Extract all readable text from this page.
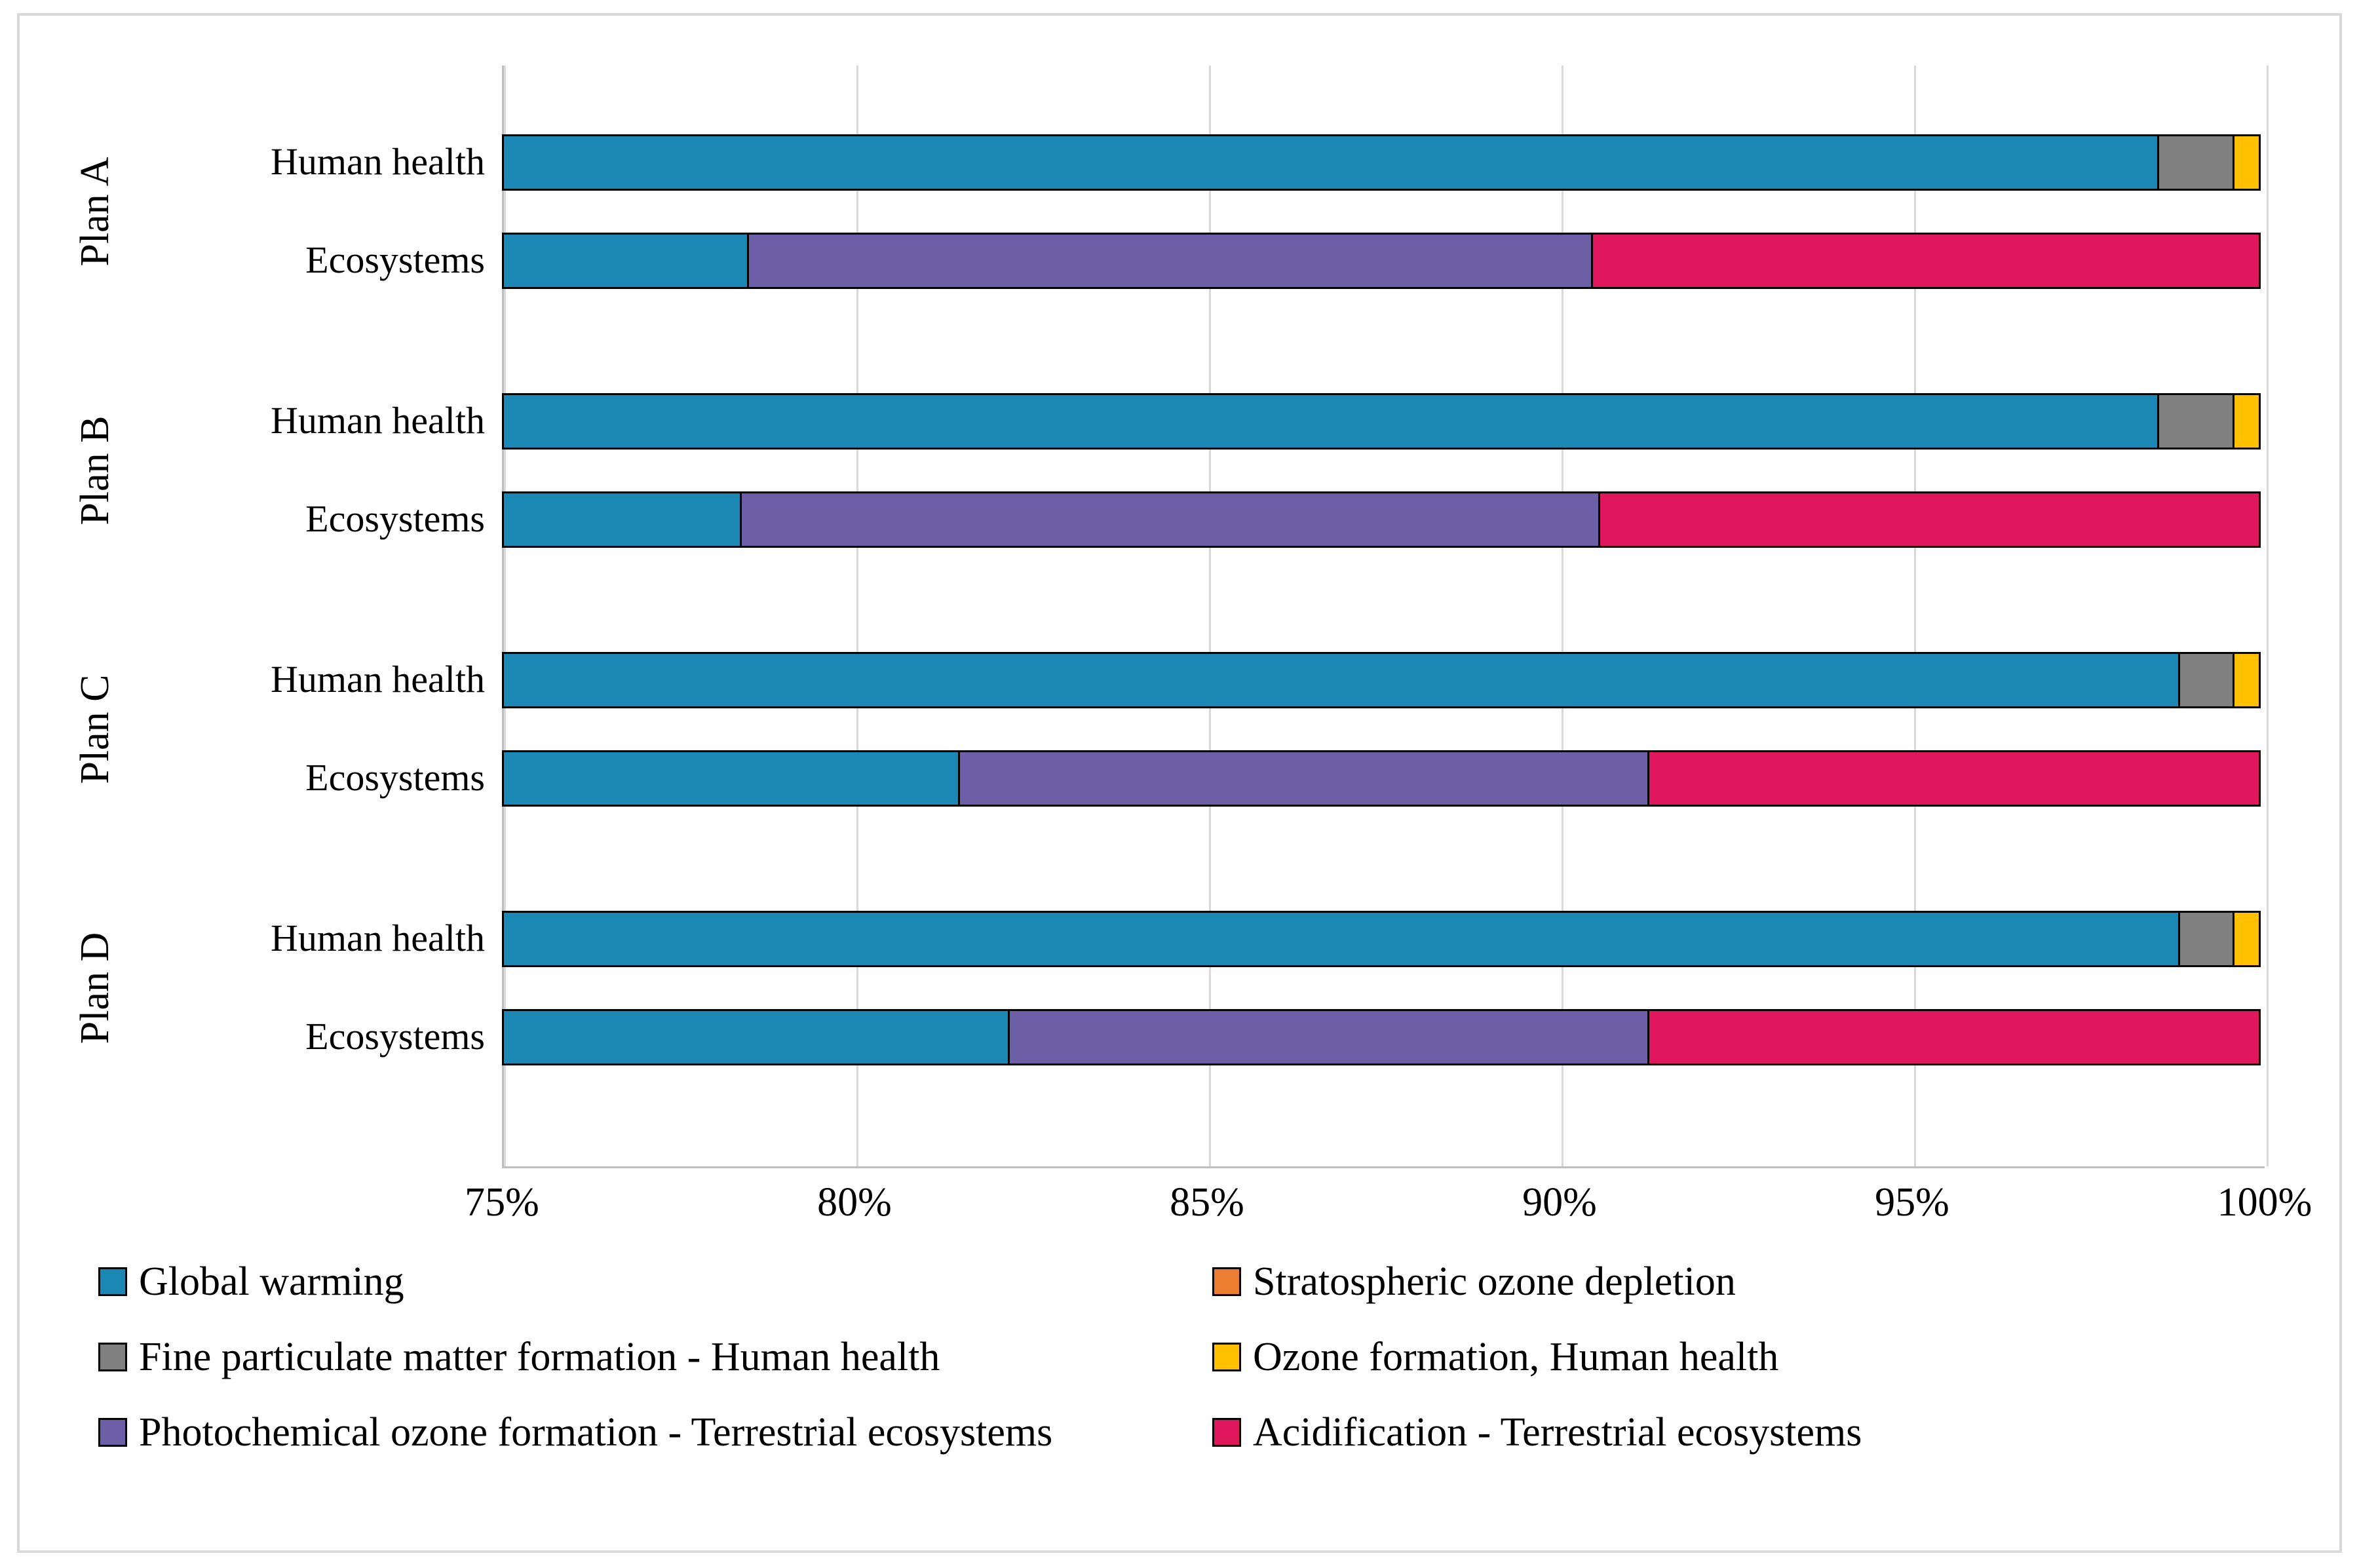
Plan A
Plan B
Plan C
Plan D
Human health
Ecosystems
Human health
Ecosystems
Human health
Ecosystems
Human health
Ecosystems
75%	80%	85%	90%	95%	100%
Global warming	Stratospheric ozone depletion
Fine particulate matter formation - Human health	Ozone formation, Human health
Photochemical ozone formation - Terrestrial ecosystems	Acidification - Terrestrial ecosystems
